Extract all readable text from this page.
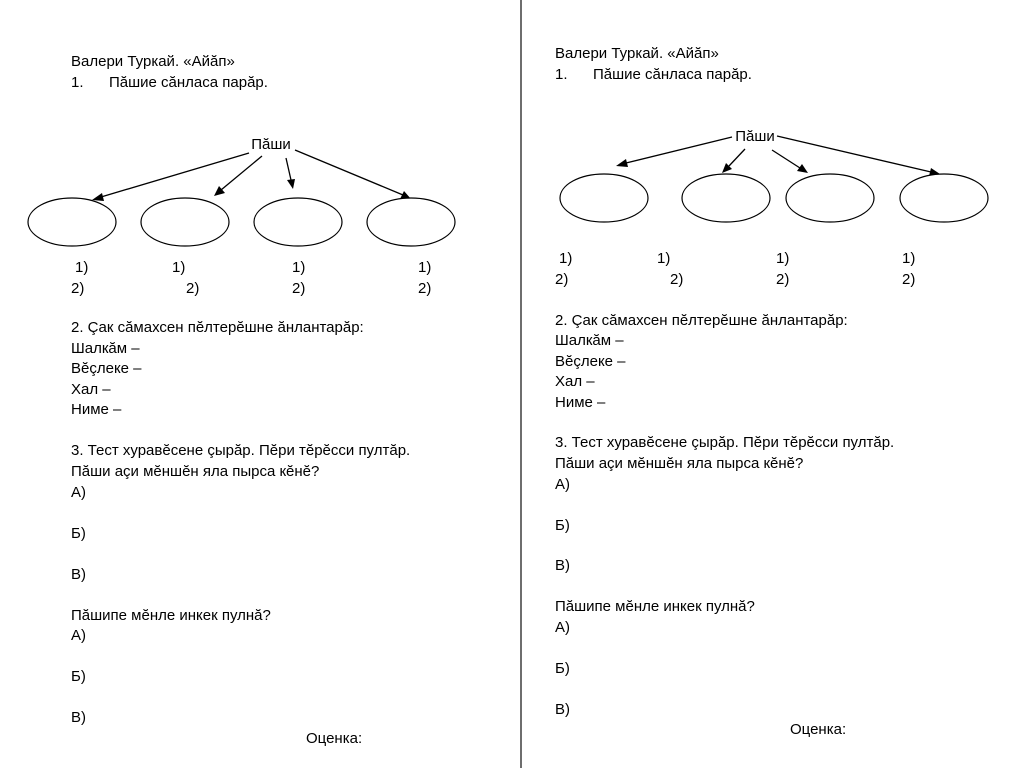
Валери Туркай. «Айăп»
1. Пăшие сăнласа парăр.
Пăши
1)
2)
1)
2)
1)
2)
1)
2)
2. Çак сăмахсен пĕлтерĕшне ăнлантарăр:
Шалкăм –
Вĕçлеке –
Хал –
Ниме –
3. Тест хуравĕсене çырăр. Пĕри тĕрĕсси пултăр.
Пăши аçи мĕншĕн яла пырса кĕнĕ?
А)
Б)
В)
Пăшипе мĕнле инкек пулнă?
А)
Б)
В)
Оценка:
Валери Туркай. «Айăп»
1. Пăшие сăнласа парăр.
Пăши
1)
2)
1)
2)
1)
2)
1)
2)
2. Çак сăмахсен пĕлтерĕшне ăнлантарăр:
Шалкăм –
Вĕçлеке –
Хал –
Ниме –
3. Тест хуравĕсене çырăр. Пĕри тĕрĕсси пултăр.
Пăши аçи мĕншĕн яла пырса кĕнĕ?
А)
Б)
В)
Пăшипе мĕнле инкек пулнă?
А)
Б)
В)
Оценка:
